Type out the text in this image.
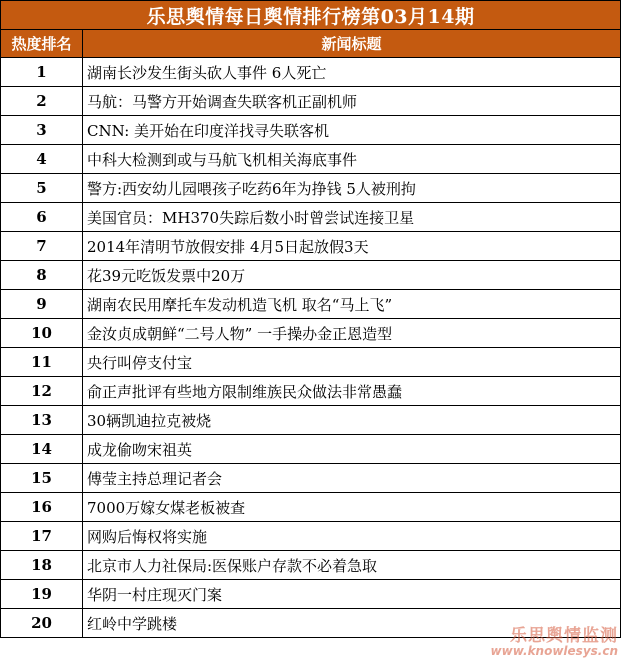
乐思舆情每日舆情排行榜第03月14期	
热度排名	新闻标题
1	湖南长沙发生街头砍人事件 6人死亡
2	马航：马警方开始调查失联客机正副机师
3	CNN: 美开始在印度洋找寻失联客机
4	中科大检测到或与马航飞机相关海底事件
5	警方:西安幼儿园喂孩子吃药6年为挣钱 5人被刑拘
6	美国官员：MH370失踪后数小时曾尝试连接卫星
7	2014年清明节放假安排 4月5日起放假3天
8	花39元吃饭发票中20万
9	湖南农民用摩托车发动机造飞机 取名“马上飞”
10	金汝贞成朝鲜“二号人物” 一手操办金正恩造型
11	央行叫停支付宝
12	俞正声批评有些地方限制维族民众做法非常愚蠢
13	30辆凯迪拉克被烧
14	成龙偷吻宋祖英
15	傅莹主持总理记者会
16	7000万嫁女煤老板被查
17	网购后悔权将实施
18	北京市人力社保局:医保账户存款不必着急取
19	华阴一村庄现灭门案
20	红岭中学跳楼
乐思舆情监测
www.knowlesys.cn
